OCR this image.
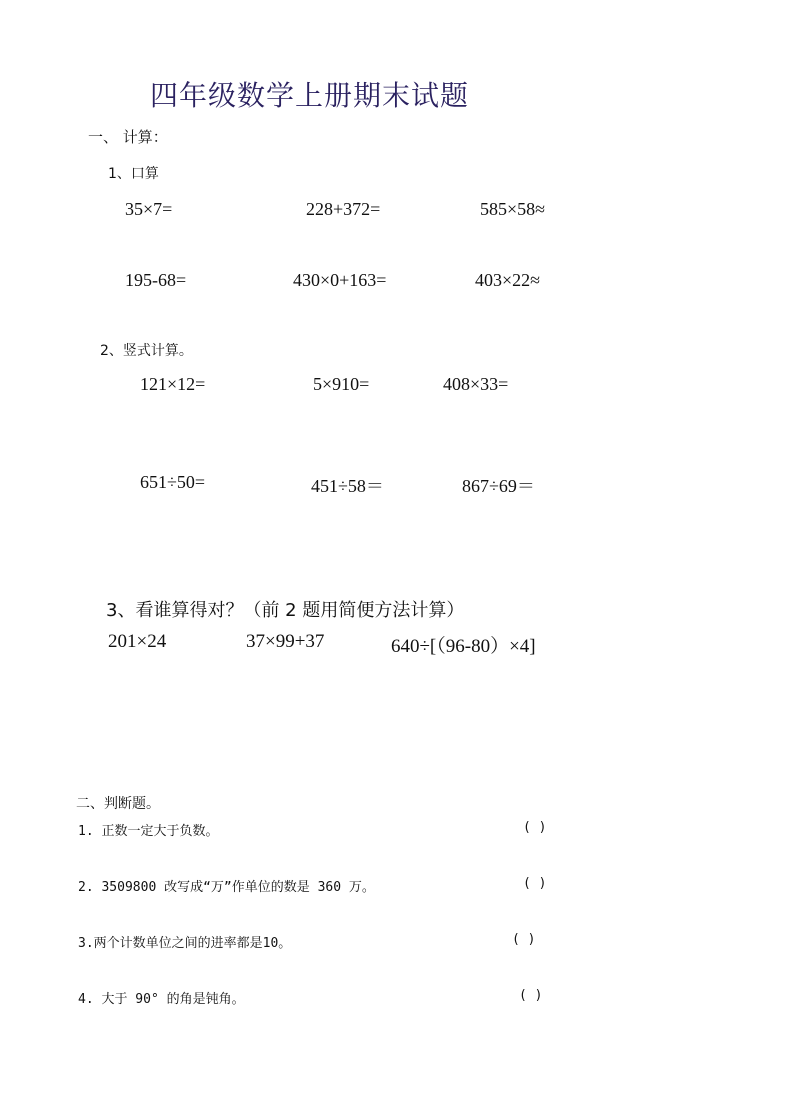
四年级数学上册期末试题
一、 计算：
1、口算
35×7=	228+372=	585×58≈
195-68=	430×0+163=	403×22≈
2、竖式计算。
121×12=	5×910=	408×33=
651÷50=	451÷58＝	867÷69＝
3、看谁算得对？（前 2 题用简便方法计算）
201×24	37×99+37	640÷[（96-80）×4]
二、判断题。
1. 正数一定大于负数。	( )
2. 3509800 改写成“万”作单位的数是 360 万。	( )
3.两个计数单位之间的进率都是10。	( )
4. 大于 90° 的角是钝角。	( )
